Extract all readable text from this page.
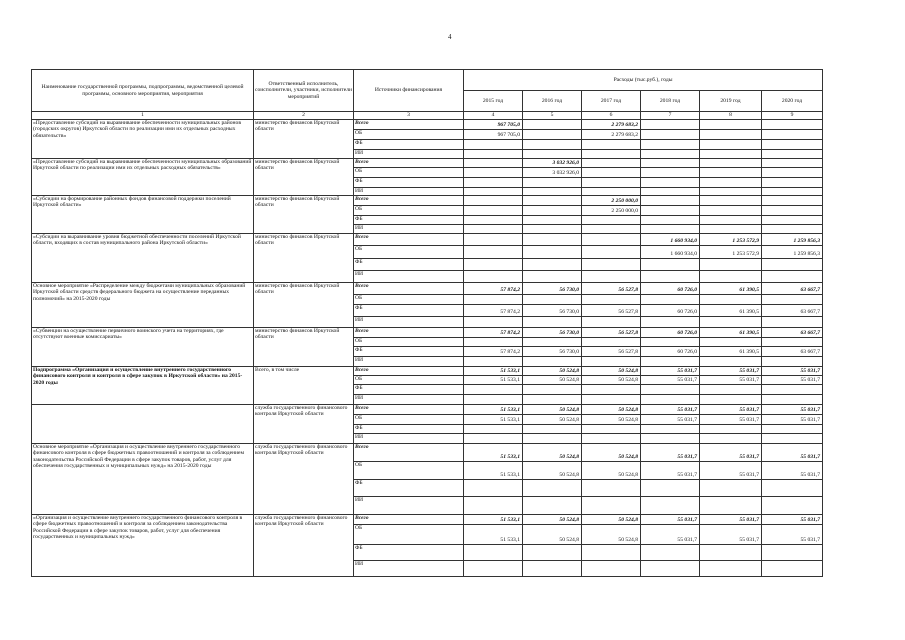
4
Наименование государственной программы, подпрограммы, ведомственной целевой программы, основного мероприятия, мероприятия	Ответственный исполнитель, соисполнители, участники, исполнители мероприятий	Источники финансирования	Расходы (тыс.руб.), годы					
			2015 год	2016 год	2017 год	2018 год	2019 год	2020 год
1	2	3	4	5	6	7	8	9
«Предоставление субсидий на выравнивание обеспеченности муниципальных районов (городских округов) Иркутской области по реализации ими их отдельных расходных обязательств»	министерство финансов Иркутской области	Всего	967 705,0		2 279 683,2			
		ОБ	967 705,0		2 279 683,2			
		ФБ						
		ИИ						
«Предоставление субсидий на выравнивание обеспеченности муниципальных образований Иркутской области по реализации ими их отдельных расходных обязательств»	министерство финансов Иркутской области	Всего		3 032 926,0				
		ОБ		3 032 926,0				
		ФБ						
		ИИ						
«Субсидии на формирование районных фондов финансовой поддержки поселений Иркутской области»	министерство финансов Иркутской области	Всего			2 250 000,0			
		ОБ			2 250 000,0			
		ФБ						
		ИИ						
«Субсидии на выравнивание уровня бюджетной обеспеченности поселений Иркутской области, входящих в состав муниципального района Иркутской области»	министерство финансов Иркутской области	Всего				1 660 934,0	1 253 572,9	1 259 856,3
		ОБ				1 660 934,0	1 253 572,9	1 259 856,3
		ФБ						
		ИИ						
Основное мероприятие «Распределение между бюджетами муниципальных образований Иркутской области средств федерального бюджета на осуществление переданных полномочий» на 2015-2020 годы	министерство финансов Иркутской области	Всего	57 874,2	56 730,0	56 527,8	60 726,0	61 390,5	63 667,7
		ОБ						
		ФБ	57 874,2	56 730,0	56 527,8	60 726,0	61 390,5	63 667,7
		ИИ						
«Субвенции на осуществление первичного воинского учета на территориях, где отсутствуют военные комиссариаты»	министерство финансов Иркутской области	Всего	57 874,2	56 730,0	56 527,8	60 726,0	61 390,5	63 667,7
		ОБ						
		ФБ	57 874,2	56 730,0	56 527,8	60 726,0	61 390,5	63 667,7
		ИИ						
Подпрограмма «Организация и осуществление внутреннего государственного финансового контроля и контроля в сфере закупок в Иркутской области» на 2015-2020 годы	Всего, в том числе	Всего	51 533,1	50 524,8	50 524,8	55 031,7	55 031,7	55 031,7
		ОБ	51 533,1	50 524,8	50 524,8	55 031,7	55 031,7	55 031,7
		ФБ						
		ИИ						
	служба государственного финансового контроля Иркутской области	Всего	51 533,1	50 524,8	50 524,8	55 031,7	55 031,7	55 031,7
		ОБ	51 533,1	50 524,8	50 524,8	55 031,7	55 031,7	55 031,7
		ФБ						
		ИИ						
Основное мероприятие «Организация и осуществление внутреннего государственного финансового контроля в сфере бюджетных правоотношений и контроля за соблюдением законодательства Российской Федерации в сфере закупок товаров, работ, услуг для обеспечения государственных и муниципальных нужд» на 2015-2020 годы	служба государственного финансового контроля Иркутской области	Всего	51 533,1	50 524,8	50 524,8	55 031,7	55 031,7	55 031,7
		ОБ	51 533,1	50 524,8	50 524,8	55 031,7	55 031,7	55 031,7
		ФБ						
		ИИ						
«Организация и осуществление внутреннего государственного финансового контроля в сфере бюджетных правоотношений и контроля за соблюдением законодательства Российской Федерации в сфере закупок товаров, работ, услуг для обеспечения государственных и муниципальных нужд»	служба государственного финансового контроля Иркутской области	Всего	51 533,1	50 524,8	50 524,8	55 031,7	55 031,7	55 031,7
		ОБ	51 533,1	50 524,8	50 524,8	55 031,7	55 031,7	55 031,7
		ФБ						
		ИИ						
